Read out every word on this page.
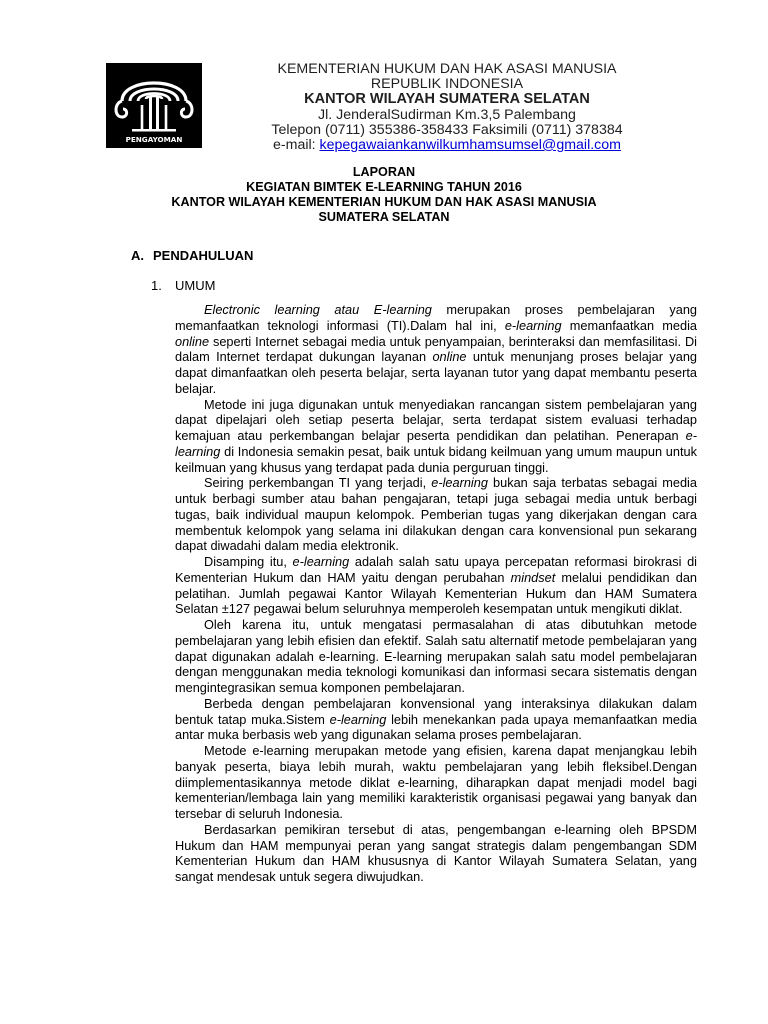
PENGAYOMAN
KEMENTERIAN HUKUM DAN HAK ASASI MANUSIA
REPUBLIK INDONESIA
KANTOR WILAYAH SUMATERA SELATAN
Jl. JenderalSudirman Km.3,5 Palembang
Telepon (0711) 355386-358433 Faksimili (0711) 378384
e-mail: kepegawaiankanwilkumhamsumsel@gmail.com
LAPORAN
KEGIATAN BIMTEK E-LEARNING TAHUN 2016
KANTOR WILAYAH KEMENTERIAN HUKUM DAN HAK ASASI MANUSIA
SUMATERA SELATAN
A. PENDAHULUAN
1. UMUM

Electronic learning atau E-learning merupakan proses pembelajaran yang memanfaatkan teknologi informasi (TI).Dalam hal ini, e-learning memanfaatkan media online seperti Internet sebagai media untuk penyampaian, berinteraksi dan memfasilitasi. Di dalam Internet terdapat dukungan layanan online untuk menunjang proses belajar yang dapat dimanfaatkan oleh peserta belajar, serta layanan tutor yang dapat membantu peserta belajar.

Metode ini juga digunakan untuk menyediakan rancangan sistem pembelajaran yang dapat dipelajari oleh setiap peserta belajar, serta terdapat sistem evaluasi terhadap kemajuan atau perkembangan belajar peserta pendidikan dan pelatihan. Penerapan e-learning di Indonesia semakin pesat, baik untuk bidang keilmuan yang umum maupun untuk keilmuan yang khusus yang terdapat pada dunia perguruan tinggi.

Seiring perkembangan TI yang terjadi, e-learning bukan saja terbatas sebagai media untuk berbagi sumber atau bahan pengajaran, tetapi juga sebagai media untuk berbagi tugas, baik individual maupun kelompok. Pemberian tugas yang dikerjakan dengan cara membentuk kelompok yang selama ini dilakukan dengan cara konvensional pun sekarang dapat diwadahi dalam media elektronik.

Disamping itu, e-learning adalah salah satu upaya percepatan reformasi birokrasi di Kementerian Hukum dan HAM yaitu dengan perubahan mindset melalui pendidikan dan pelatihan. Jumlah pegawai Kantor Wilayah Kementerian Hukum dan HAM Sumatera Selatan ±127 pegawai belum seluruhnya memperoleh kesempatan untuk mengikuti diklat.

Oleh karena itu, untuk mengatasi permasalahan di atas dibutuhkan metode pembelajaran yang lebih efisien dan efektif. Salah satu alternatif metode pembelajaran yang dapat digunakan adalah e-learning. E-learning merupakan salah satu model pembelajaran dengan menggunakan media teknologi komunikasi dan informasi secara sistematis dengan mengintegrasikan semua komponen pembelajaran.

Berbeda dengan pembelajaran konvensional yang interaksinya dilakukan dalam bentuk tatap muka.Sistem e-learning lebih menekankan pada upaya memanfaatkan media antar muka berbasis web yang digunakan selama proses pembelajaran.

Metode e-learning merupakan metode yang efisien, karena dapat menjangkau lebih banyak peserta, biaya lebih murah, waktu pembelajaran yang lebih fleksibel.Dengan diimplementasikannya metode diklat e-learning, diharapkan dapat menjadi model bagi kementerian/lembaga lain yang memiliki karakteristik organisasi pegawai yang banyak dan tersebar di seluruh Indonesia.

Berdasarkan pemikiran tersebut di atas, pengembangan e-learning oleh BPSDM Hukum dan HAM mempunyai peran yang sangat strategis dalam pengembangan SDM Kementerian Hukum dan HAM khususnya di Kantor Wilayah Sumatera Selatan, yang sangat mendesak untuk segera diwujudkan.
